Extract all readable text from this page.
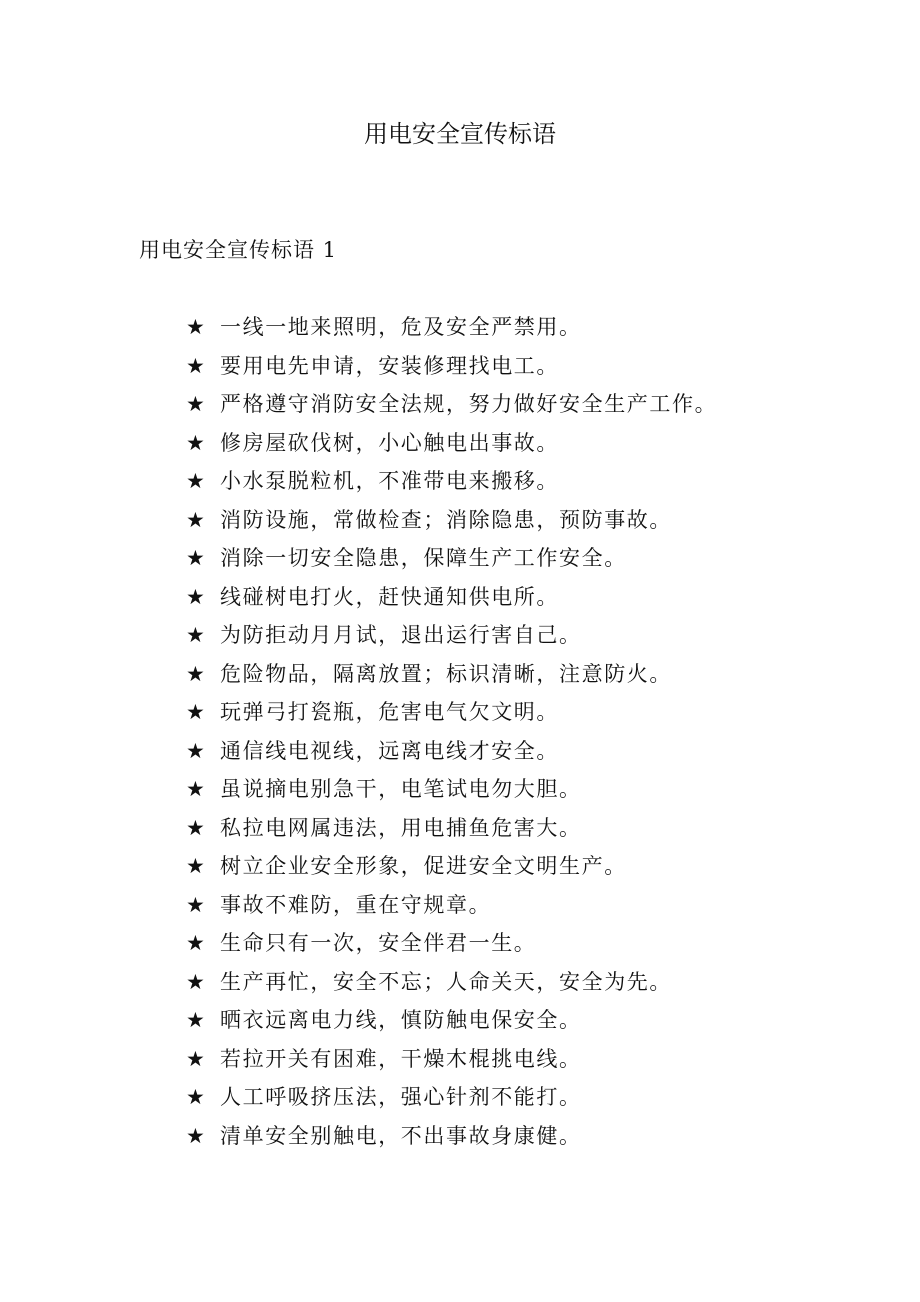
用电安全宣传标语
用电安全宣传标语 1
★ 一线一地来照明，危及安全严禁用。
★ 要用电先申请，安装修理找电工。
★ 严格遵守消防安全法规，努力做好安全生产工作。
★ 修房屋砍伐树，小心触电出事故。
★ 小水泵脱粒机，不准带电来搬移。
★ 消防设施，常做检查；消除隐患，预防事故。
★ 消除一切安全隐患，保障生产工作安全。
★ 线碰树电打火，赶快通知供电所。
★ 为防拒动月月试，退出运行害自己。
★ 危险物品，隔离放置；标识清晰，注意防火。
★ 玩弹弓打瓷瓶，危害电气欠文明。
★ 通信线电视线，远离电线才安全。
★ 虽说摘电别急干，电笔试电勿大胆。
★ 私拉电网属违法，用电捕鱼危害大。
★ 树立企业安全形象，促进安全文明生产。
★ 事故不难防，重在守规章。
★ 生命只有一次，安全伴君一生。
★ 生产再忙，安全不忘；人命关天，安全为先。
★ 晒衣远离电力线，慎防触电保安全。
★ 若拉开关有困难，干燥木棍挑电线。
★ 人工呼吸挤压法，强心针剂不能打。
★ 清单安全别触电，不出事故身康健。
